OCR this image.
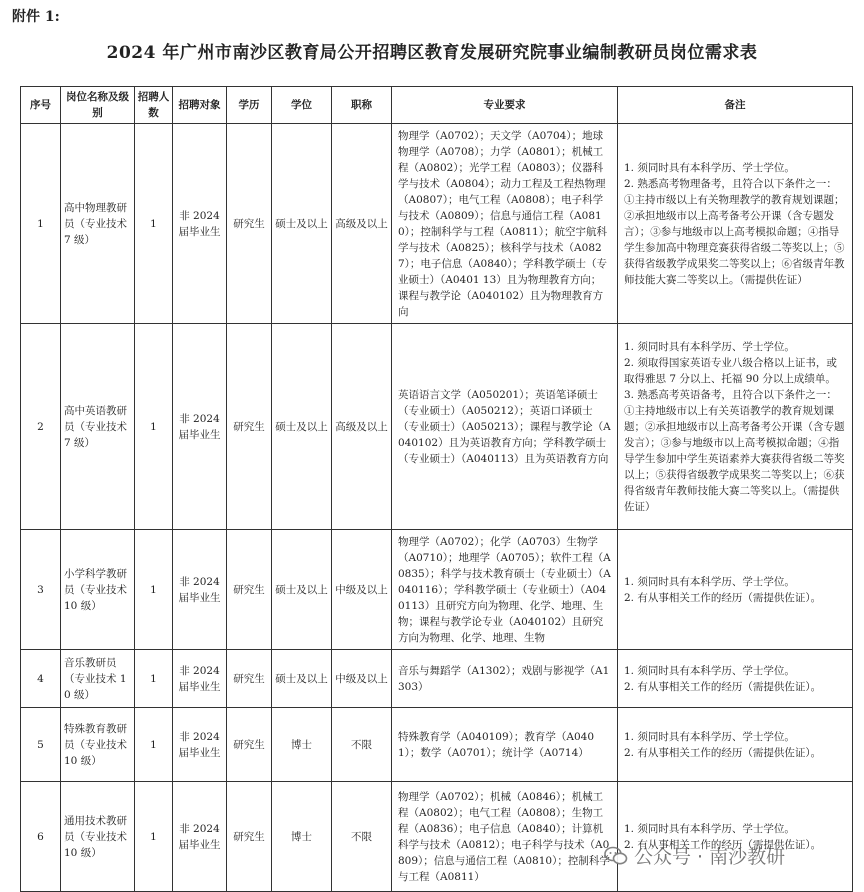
附件 1:
2024 年广州市南沙区教育局公开招聘区教育发展研究院事业编制教研员岗位需求表
序号	岗位名称及级别	招聘人数	招聘对象	学历	学位	职称	专业要求	备注
1	高中物理教研员（专业技术 7 级）	1	非 2024 届毕业生	研究生	硕士及以上	高级及以上	物理学（A0702）；天文学（A0704）；地球物理学（A0708）；力学（A0801）；机械工程（A0802）；光学工程（A0803）；仪器科学与技术（A0804）；动力工程及工程热物理（A0807）；电气工程（A0808）；电子科学与技术（A0809）；信息与通信工程（A0810）；控制科学与工程（A0811）；航空宇航科学与技术（A0825）；核科学与技术（A0827）；电子信息（A0840）；学科教学硕士（专业硕士）（A0401 13）且为物理教育方向；课程与教学论（A040102）且为物理教育方向	1. 须同时具有本科学历、学士学位。
2. 熟悉高考物理备考，且符合以下条件之一：①主持市级以上有关物理教学的教育规划课题；②承担地级市以上高考备考公开课（含专题发言）；③参与地级市以上高考模拟命题；④指导学生参加高中物理竞赛获得省级二等奖以上；⑤获得省级教学成果奖二等奖以上；⑥省级青年教师技能大赛二等奖以上。（需提供佐证）

2	高中英语教研员（专业技术 7 级）	1	非 2024 届毕业生	研究生	硕士及以上	高级及以上	英语语言文学（A050201）；英语笔译硕士（专业硕士）（A050212）；英语口译硕士（专业硕士）（A050213）；课程与教学论（A040102）且为英语教育方向；学科教学硕士（专业硕士）（A040113）且为英语教育方向	1. 须同时具有本科学历、学士学位。
2. 须取得国家英语专业八级合格以上证书，或取得雅思 7 分以上、托福 90 分以上成绩单。
3. 熟悉高考英语备考，且符合以下条件之一：①主持地级市以上有关英语教学的教育规划课题；②承担地级市以上高考备考公开课（含专题发言）；③参与地级市以上高考模拟命题；④指导学生参加中学生英语素养大赛获得省级二等奖以上；⑤获得省级教学成果奖二等奖以上；⑥获得省级青年教师技能大赛二等奖以上。（需提供佐证）

3	小学科学教研员（专业技术 10 级）	1	非 2024 届毕业生	研究生	硕士及以上	中级及以上	物理学（A0702）；化学（A0703）生物学（A0710）；地理学（A0705）；软件工程（A0835）；科学与技术教育硕士（专业硕士）（A040116）；学科教学硕士（专业硕士）（A040113）且研究方向为物理、化学、地理、生物；课程与教学论专业（A040102）且研究方向为物理、化学、地理、生物	1. 须同时具有本科学历、学士学位。
2. 有从事相关工作的经历（需提供佐证）。

4	音乐教研员（专业技术 10 级）	1	非 2024 届毕业生	研究生	硕士及以上	中级及以上	音乐与舞蹈学（A1302）；戏剧与影视学（A1303）	1. 须同时具有本科学历、学士学位。
2. 有从事相关工作的经历（需提供佐证）。

5	特殊教育教研员（专业技术 10 级）	1	非 2024 届毕业生	研究生	博士	不限	特殊教育学（A040109）；教育学（A0401）；数学（A0701）；统计学（A0714）	1. 须同时具有本科学历、学士学位。
2. 有从事相关工作的经历（需提供佐证）。

6	通用技术教研员（专业技术 10 级）	1	非 2024 届毕业生	研究生	博士	不限	物理学（A0702）；机械（A0846）；机械工程（A0802）；电气工程（A0808）；生物工程（A0836）；电子信息（A0840）；计算机科学与技术（A0812）；电子科学与技术（A0809）；信息与通信工程（A0810）；控制科学与工程（A0811）	1. 须同时具有本科学历、学士学位。
2. 有从事相关工作的经历（需提供佐证）。
公众号 · 南沙教研
